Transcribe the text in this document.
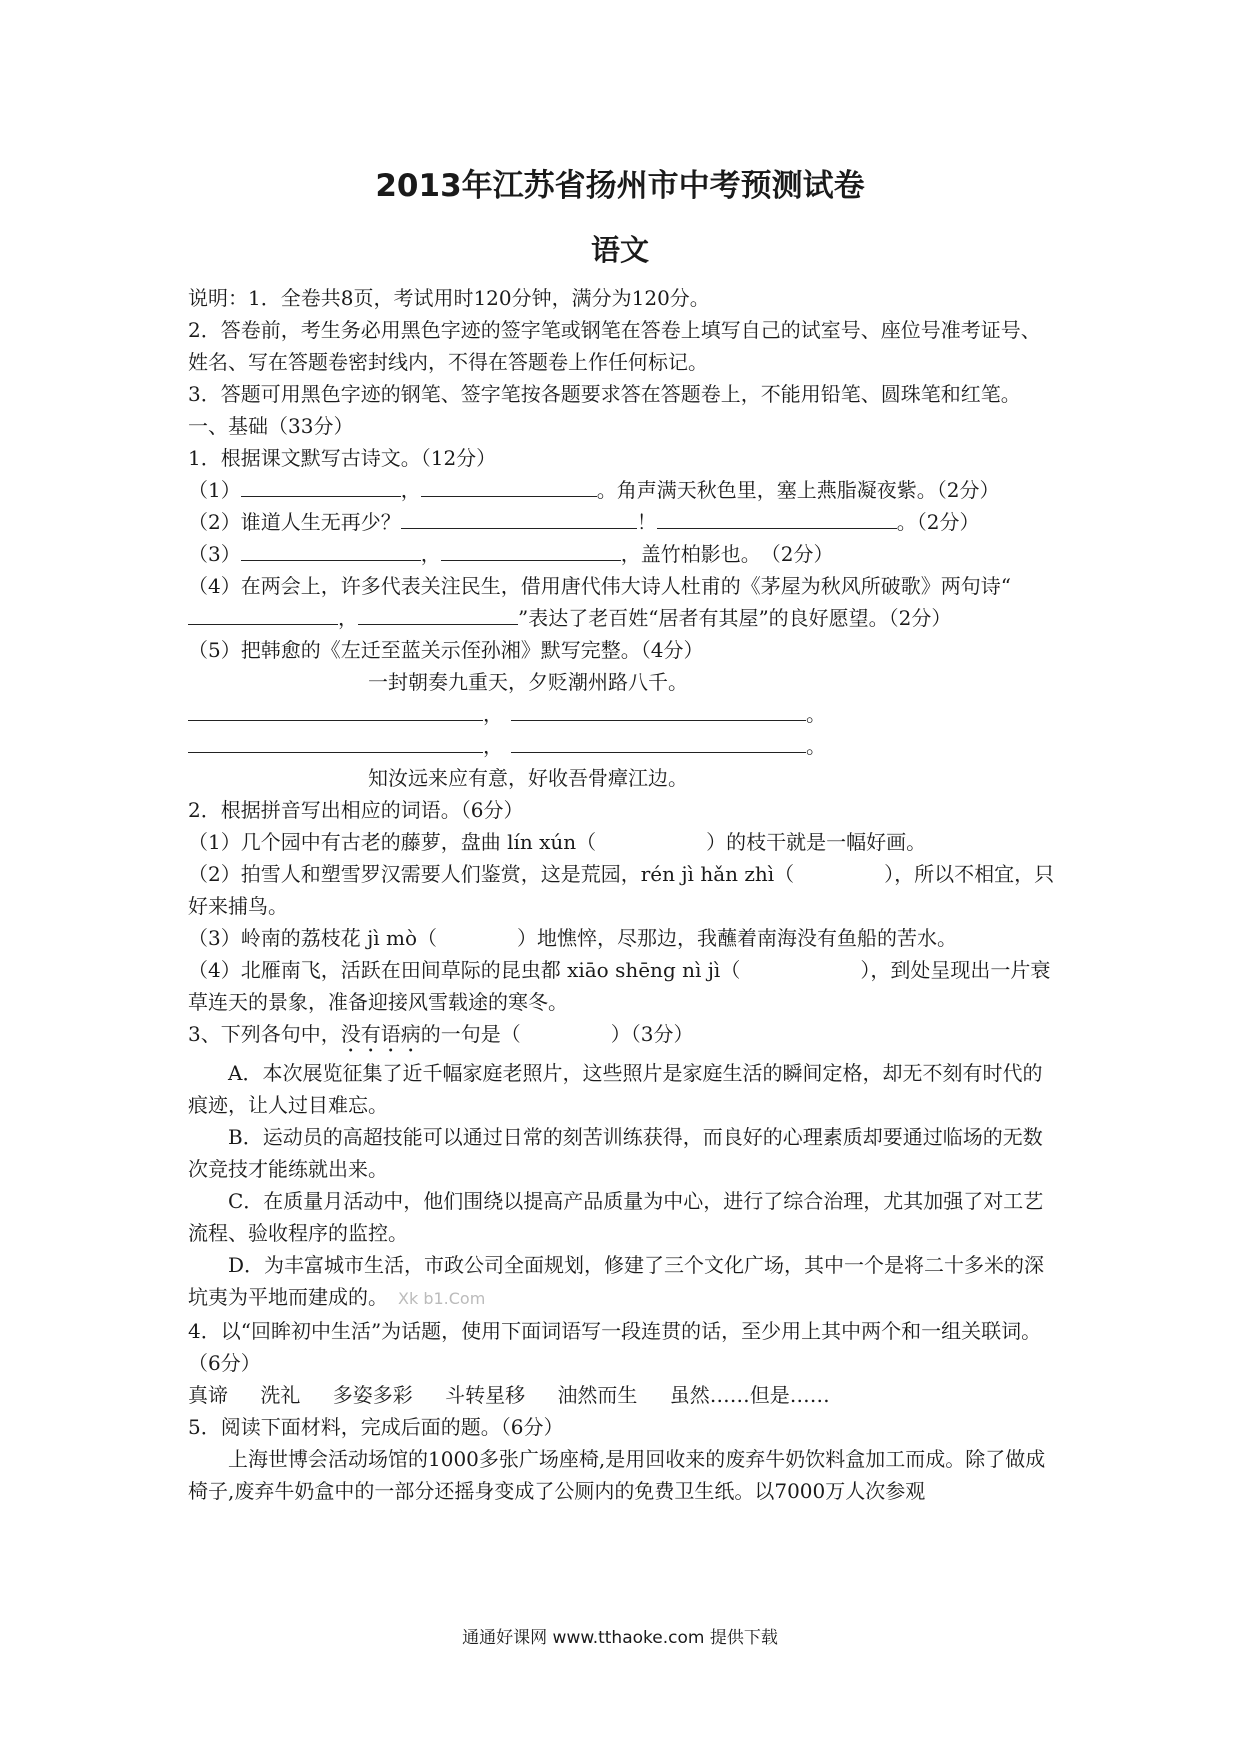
2013年江苏省扬州市中考预测试卷
语文

说明：1．全卷共8页，考试用时120分钟，满分为120分。

2．答卷前，考生务必用黑色字迹的签字笔或钢笔在答卷上填写自己的试室号、座位号准考证号、姓名、写在答题卷密封线内，不得在答题卷上作任何标记。

3．答题可用黑色字迹的钢笔、签字笔按各题要求答在答题卷上，不能用铅笔、圆珠笔和红笔。

一、基础（33分）

1．根据课文默写古诗文。（12分）

（1）	，	。角声满天秋色里，塞上燕脂凝夜紫。（2分）

（2）谁道人生无再少？	！	。（2分）

（3）	，	，盖竹柏影也。　（2分）

（4）在两会上，许多代表关注民生，借用唐代伟大诗人杜甫的《茅屋为秋风所破歌》两句诗“，	”表达了老百姓“居者有其屋”的良好愿望。（2分）

（5）把韩愈的《左迁至蓝关示侄孙湘》默写完整。（4分）

一封朝奏九重天，夕贬潮州路八千。

，	。

，	。

知汝远来应有意，好收吾骨瘴江边。

2．根据拼音写出相应的词语。（6分）

（1）几个园中有古老的藤萝，盘曲 lín xún（	）的枝干就是一幅好画。

（2）拍雪人和塑雪罗汉需要人们鉴赏，这是荒园，rén jì hǎn zhì（	），所以不相宜，只好来捕鸟。

（3）岭南的荔枝花 jì mò（	）地憔悴，尽那边，我蘸着南海没有鱼船的苦水。

（4）北雁南飞，活跃在田间草际的昆虫都 xiāo shēng nì jì（	），到处呈现出一片衰草连天的景象，准备迎接风雪载途的寒冬。

3、下列各句中，没有语病的一句是（	）（3分）

A．本次展览征集了近千幅家庭老照片，这些照片是家庭生活的瞬间定格，却无不刻有时代的痕迹，让人过目难忘。

B．运动员的高超技能可以通过日常的刻苦训练获得，而良好的心理素质却要通过临场的无数次竞技才能练就出来。

C．在质量月活动中，他们围绕以提高产品质量为中心，进行了综合治理，尤其加强了对工艺流程、验收程序的监控。

D．为丰富城市生活，市政公司全面规划，修建了三个文化广场，其中一个是将二十多米的深坑夷为平地而建成的。 Xk b1.Com

4．以“回眸初中生活”为话题，使用下面词语写一段连贯的话，至少用上其中两个和一组关联词。（6分）

真谛 洗礼 多姿多彩 斗转星移 油然而生 虽然……但是……

5．阅读下面材料，完成后面的题。（6分）

上海世博会活动场馆的1000多张广场座椅,是用回收来的废弃牛奶饮料盒加工而成。除了做成椅子,废弃牛奶盒中的一部分还摇身变成了公厕内的免费卫生纸。以7000万人次参观

通通好课网 www.tthaoke.com 提供下载
